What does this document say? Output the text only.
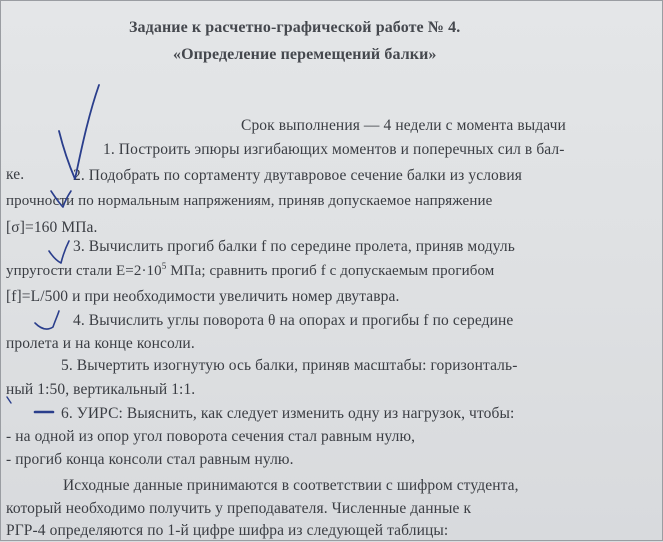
Задание к расчетно-графической работе № 4.
«Определение перемещений балки»
Срок выполнения — 4 недели с момента выдачи
1. Построить эпюры изгибающих моментов и поперечных сил в бал-
ке.	2. Подобрать по сортаменту двутавровое сечение балки из условия
прочности по нормальным напряжениям, приняв допускаемое напряжение
[σ]=160 МПа.
3. Вычислить прогиб балки f по середине пролета, приняв модуль
упругости стали $E=2\cdot 10^5$ МПа; сравнить прогиб f с допускаемым прогибом
[f]=L/500 и при необходимости увеличить номер двутавра.
4. Вычислить углы поворота θ на опорах и прогибы f по середине
пролета и на конце консоли.
5. Вычертить изогнутую ось балки, приняв масштабы: горизонталь-
ный 1:50, вертикальный 1:1.
6. УИРС: Выяснить, как следует изменить одну из нагрузок, чтобы:
- на одной из опор угол поворота сечения стал равным нулю,
- прогиб конца консоли стал равным нулю.
Исходные данные принимаются в соответствии с шифром студента,
который необходимо получить у преподавателя. Численные данные к
РГР-4 определяются по 1-й цифре шифра из следующей таблицы:
